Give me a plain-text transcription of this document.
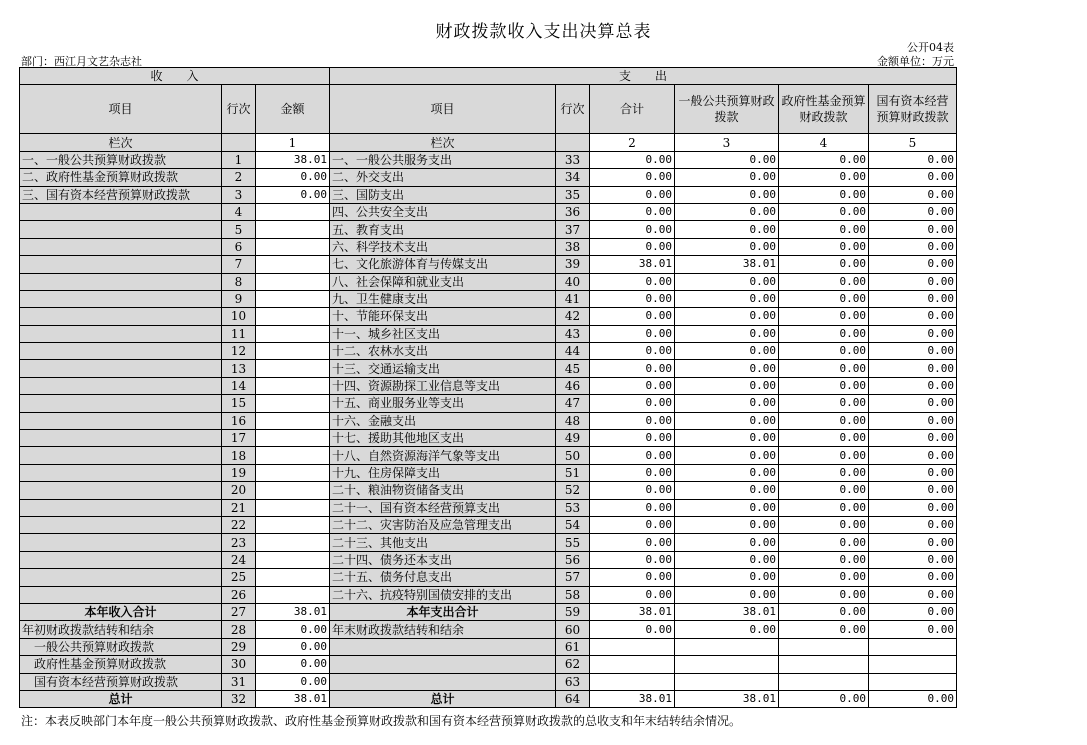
财政拨款收入支出决算总表
公开04表
部门：西江月文艺杂志社	金额单位：万元
收　　入			支　　出					
项目	行次	金额	项目	行次	合计	一般公共预算财政拨款	政府性基金预算财政拨款	国有资本经营预算财政拨款
栏次		1	栏次		2	3	4	5
一、一般公共预算财政拨款	1	38.01	一、一般公共服务支出	33	0.00	0.00	0.00	0.00
二、政府性基金预算财政拨款	2	0.00	二、外交支出	34	0.00	0.00	0.00	0.00
三、国有资本经营预算财政拨款	3	0.00	三、国防支出	35	0.00	0.00	0.00	0.00
	4		四、公共安全支出	36	0.00	0.00	0.00	0.00
	5		五、教育支出	37	0.00	0.00	0.00	0.00
	6		六、科学技术支出	38	0.00	0.00	0.00	0.00
	7		七、文化旅游体育与传媒支出	39	38.01	38.01	0.00	0.00
	8		八、社会保障和就业支出	40	0.00	0.00	0.00	0.00
	9		九、卫生健康支出	41	0.00	0.00	0.00	0.00
	10		十、节能环保支出	42	0.00	0.00	0.00	0.00
	11		十一、城乡社区支出	43	0.00	0.00	0.00	0.00
	12		十二、农林水支出	44	0.00	0.00	0.00	0.00
	13		十三、交通运输支出	45	0.00	0.00	0.00	0.00
	14		十四、资源勘探工业信息等支出	46	0.00	0.00	0.00	0.00
	15		十五、商业服务业等支出	47	0.00	0.00	0.00	0.00
	16		十六、金融支出	48	0.00	0.00	0.00	0.00
	17		十七、援助其他地区支出	49	0.00	0.00	0.00	0.00
	18		十八、自然资源海洋气象等支出	50	0.00	0.00	0.00	0.00
	19		十九、住房保障支出	51	0.00	0.00	0.00	0.00
	20		二十、粮油物资储备支出	52	0.00	0.00	0.00	0.00
	21		二十一、国有资本经营预算支出	53	0.00	0.00	0.00	0.00
	22		二十二、灾害防治及应急管理支出	54	0.00	0.00	0.00	0.00
	23		二十三、其他支出	55	0.00	0.00	0.00	0.00
	24		二十四、债务还本支出	56	0.00	0.00	0.00	0.00
	25		二十五、债务付息支出	57	0.00	0.00	0.00	0.00
	26		二十六、抗疫特别国债安排的支出	58	0.00	0.00	0.00	0.00
本年收入合计	27	38.01	本年支出合计	59	38.01	38.01	0.00	0.00
年初财政拨款结转和结余	28	0.00	年末财政拨款结转和结余	60	0.00	0.00	0.00	0.00
一般公共预算财政拨款	29	0.00		61				
政府性基金预算财政拨款	30	0.00		62				
国有资本经营预算财政拨款	31	0.00		63				
总计	32	38.01	总计	64	38.01	38.01	0.00	0.00
注：本表反映部门本年度一般公共预算财政拨款、政府性基金预算财政拨款和国有资本经营预算财政拨款的总收支和年末结转结余情况。
